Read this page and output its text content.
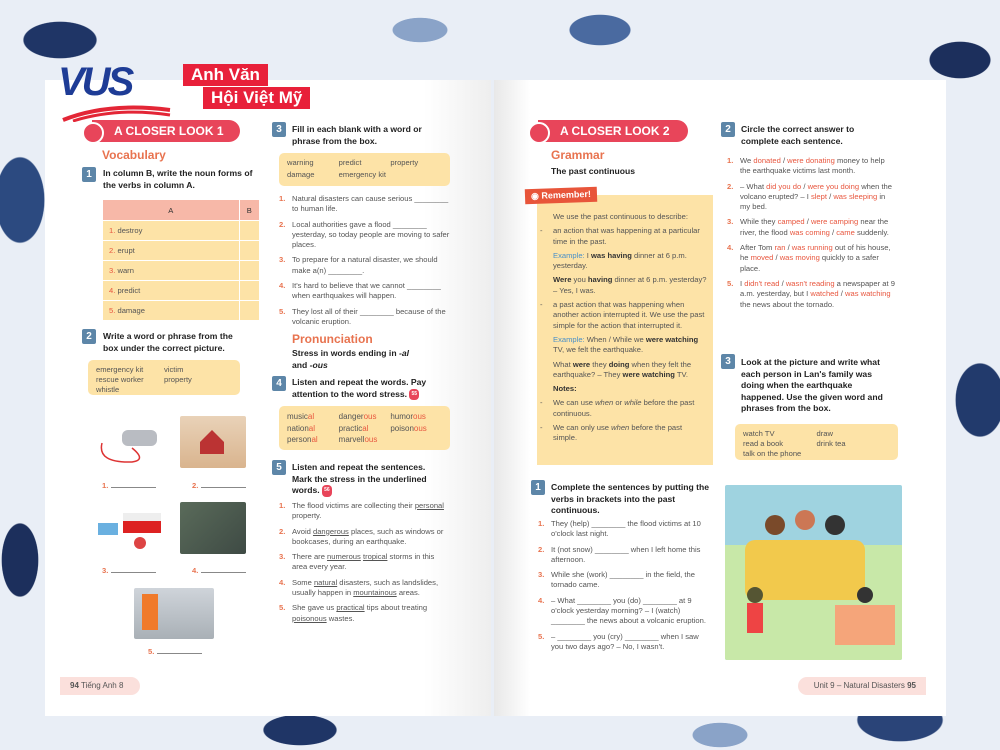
VUS	Anh Văn
Hội Việt Mỹ
A CLOSER LOOK 1
Vocabulary
1	In column B, write the noun forms of the verbs in column A.
A	B
1. destroy	
2. erupt	
3. warn	
4. predict	
5. damage	
2	Write a word or phrase from the box under the correct picture.
emergency kit	victim
rescue worker	property
whistle
1.	2.
3.	4.
5.
94 Tiếng Anh 8
3	Fill in each blank with a word or phrase from the box.
warning	predict	property
damage	emergency kit
1. Natural disasters can cause serious ________ to human life.
2. Local authorities gave a flood ________ yesterday, so today people are moving to safer places.
3. To prepare for a natural disaster, we should make a(n) ________.
4. It's hard to believe that we cannot ________ when earthquakes will happen.
5. They lost all of their ________ because of the volcanic eruption.
Pronunciation
Stress in words ending in -al
and -ous
4	Listen and repeat the words. Pay attention to the word stress. 55
musical	dangerous	humorous
national	practical	poisonous
personal	marvellous
5	Listen and repeat the sentences. Mark the stress in the underlined words. 56
1. The flood victims are collecting their personal property.
2. Avoid dangerous places, such as windows or bookcases, during an earthquake.
3. There are numerous tropical storms in this area every year.
4. Some natural disasters, such as landslides, usually happen in mountainous areas.
5. She gave us practical tips about treating poisonous wastes.
A CLOSER LOOK 2
Grammar
The past continuous
◉ Remember!
We use the past continuous to describe:
-	an action that was happening at a particular time in the past.
Example: I was having dinner at 6 p.m. yesterday.
Were you having dinner at 6 p.m. yesterday? – Yes, I was.
-	a past action that was happening when another action interrupted it. We use the past simple for the action that interrupted it.
Example: When / While we were watching TV, we felt the earthquake.
What were they doing when they felt the earthquake? – They were watching TV.
Notes:
-	We can use when or while before the past continuous.
-	We can only use when before the past simple.
1	Complete the sentences by putting the verbs in brackets into the past continuous.
1. They (help) ________ the flood victims at 10 o'clock last night.
2. It (not snow) ________ when I left home this afternoon.
3. While she (work) ________ in the field, the tornado came.
4. – What ________ you (do) ________ at 9 o'clock yesterday morning? – I (watch) ________ the news about a volcanic eruption.
5. – ________ you (cry) ________ when I saw you two days ago? – No, I wasn't.
2	Circle the correct answer to complete each sentence.
1. We donated / were donating money to help the earthquake victims last month.
2. – What did you do / were you doing when the volcano erupted? – I slept / was sleeping in my bed.
3. While they camped / were camping near the river, the flood was coming / came suddenly.
4. After Tom ran / was running out of his house, he moved / was moving quickly to a safer place.
5. I didn't read / wasn't reading a newspaper at 9 a.m. yesterday, but I watched / was watching the news about the tornado.
3	Look at the picture and write what each person in Lan's family was doing when the earthquake happened. Use the given word and phrases from the box.
watch TV	draw
read a book	drink tea
talk on the phone
Unit 9 – Natural Disasters 95
